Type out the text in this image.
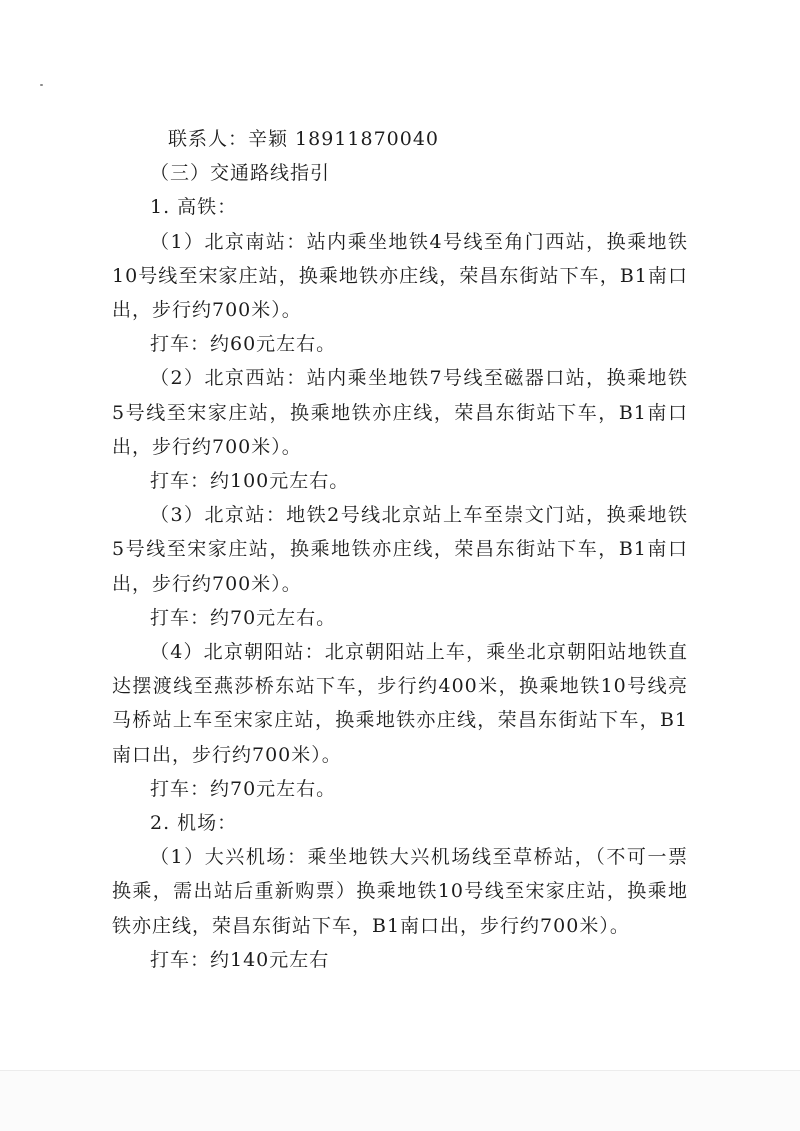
联系人：辛颖 18911870040

（三）交通路线指引

1. 高铁：

（1）北京南站：站内乘坐地铁4号线至角门西站，换乘地铁10号线至宋家庄站，换乘地铁亦庄线，荣昌东街站下车，B1南口出，步行约700米）。

打车：约60元左右。

（2）北京西站：站内乘坐地铁7号线至磁器口站，换乘地铁5号线至宋家庄站，换乘地铁亦庄线，荣昌东街站下车，B1南口出，步行约700米）。

打车：约100元左右。

（3）北京站：地铁2号线北京站上车至崇文门站，换乘地铁5号线至宋家庄站，换乘地铁亦庄线，荣昌东街站下车，B1南口出，步行约700米）。

打车：约70元左右。

（4）北京朝阳站：北京朝阳站上车，乘坐北京朝阳站地铁直达摆渡线至燕莎桥东站下车，步行约400米，换乘地铁10号线亮马桥站上车至宋家庄站，换乘地铁亦庄线，荣昌东街站下车，B1南口出，步行约700米）。

打车：约70元左右。

2. 机场：

（1）大兴机场：乘坐地铁大兴机场线至草桥站，（不可一票换乘，需出站后重新购票）换乘地铁10号线至宋家庄站，换乘地铁亦庄线，荣昌东街站下车，B1南口出，步行约700米）。

打车：约140元左右
